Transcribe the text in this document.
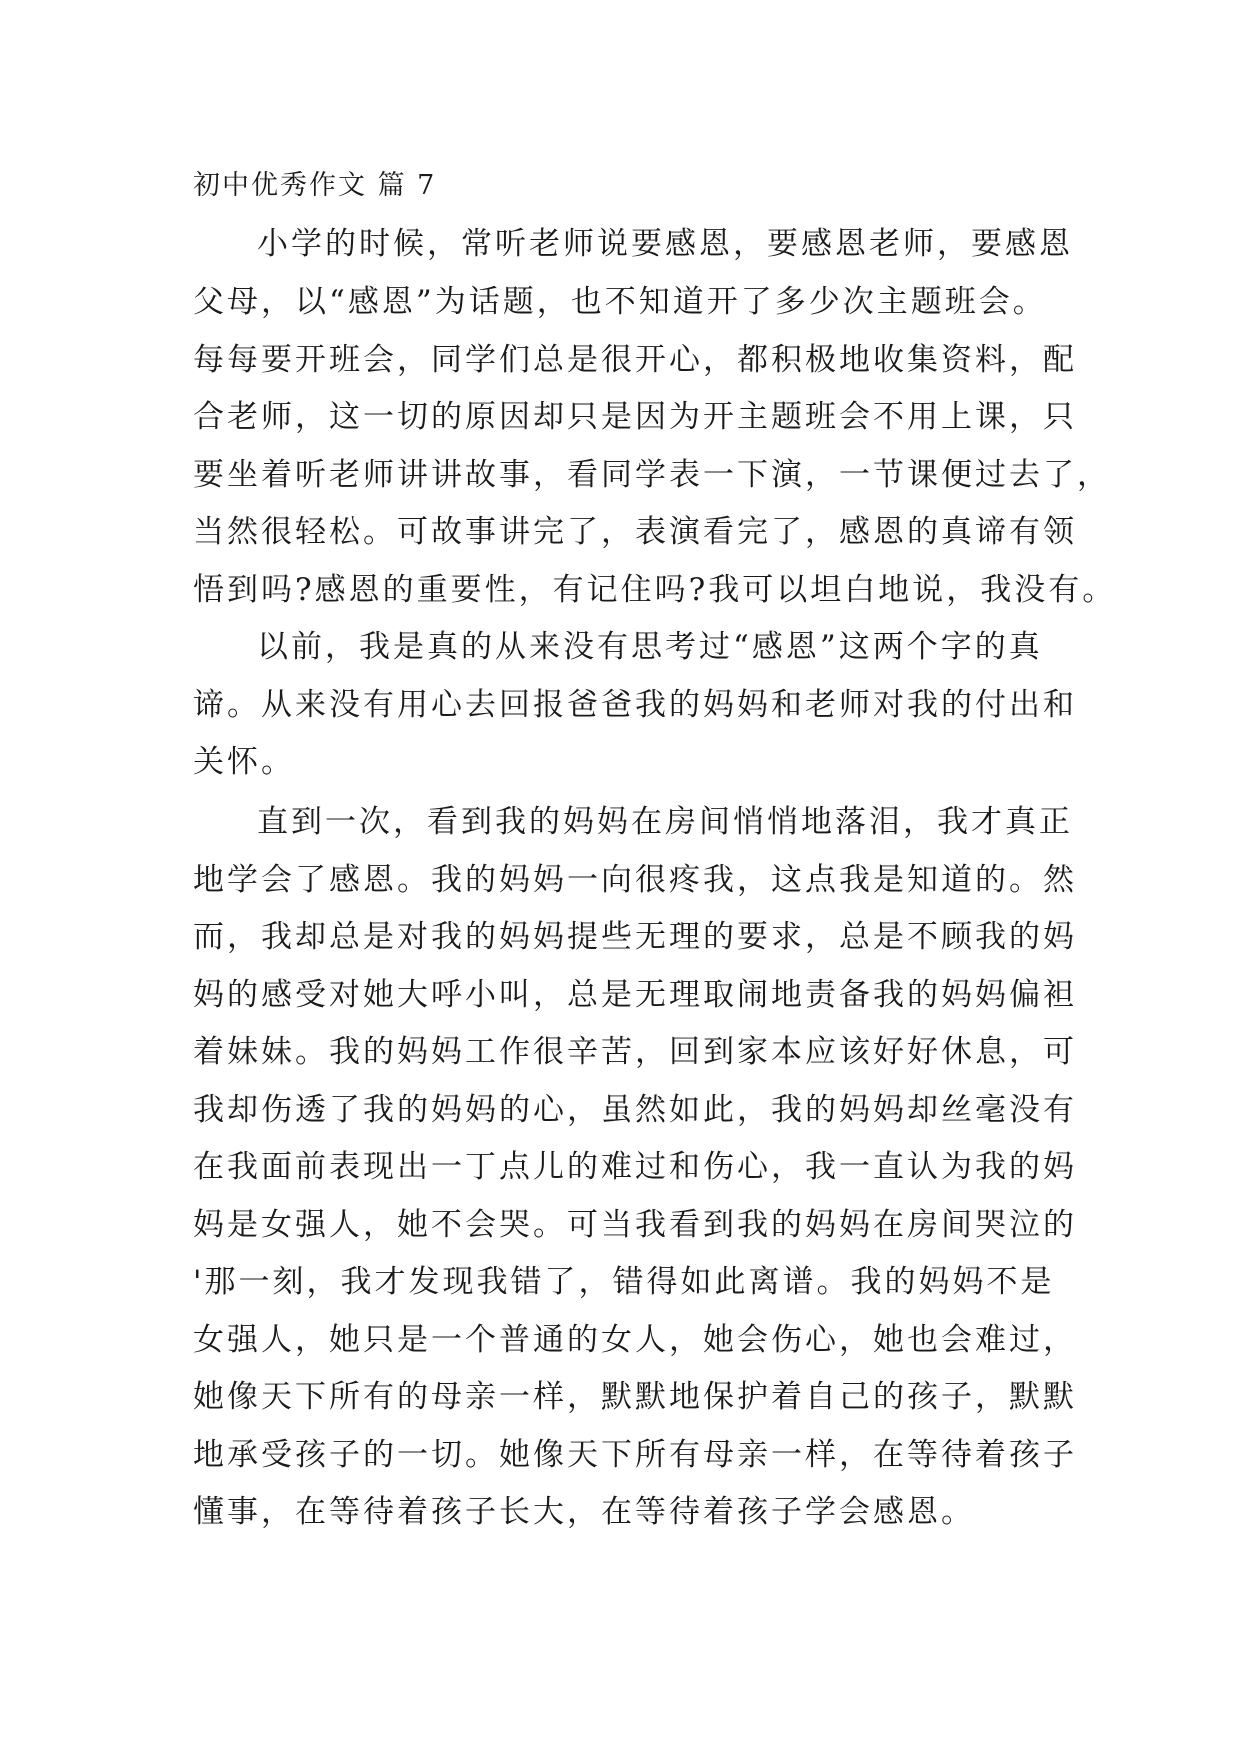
初中优秀作文 篇 7
小学的时候，常听老师说要感恩，要感恩老师，要感恩
父母，以“感恩”为话题，也不知道开了多少次主题班会。
每每要开班会，同学们总是很开心，都积极地收集资料，配
合老师，这一切的原因却只是因为开主题班会不用上课，只
要坐着听老师讲讲故事，看同学表一下演，一节课便过去了，
当然很轻松。可故事讲完了，表演看完了，感恩的真谛有领
悟到吗?感恩的重要性，有记住吗?我可以坦白地说，我没有。
以前，我是真的从来没有思考过“感恩”这两个字的真
谛。从来没有用心去回报爸爸我的妈妈和老师对我的付出和
关怀。
直到一次，看到我的妈妈在房间悄悄地落泪，我才真正
地学会了感恩。我的妈妈一向很疼我，这点我是知道的。然
而，我却总是对我的妈妈提些无理的要求，总是不顾我的妈
妈的感受对她大呼小叫，总是无理取闹地责备我的妈妈偏袒
着妹妹。我的妈妈工作很辛苦，回到家本应该好好休息，可
我却伤透了我的妈妈的心，虽然如此，我的妈妈却丝毫没有
在我面前表现出一丁点儿的难过和伤心，我一直认为我的妈
妈是女强人，她不会哭。可当我看到我的妈妈在房间哭泣的
'那一刻，我才发现我错了，错得如此离谱。我的妈妈不是
女强人，她只是一个普通的女人，她会伤心，她也会难过，
她像天下所有的母亲一样，默默地保护着自己的孩子，默默
地承受孩子的一切。她像天下所有母亲一样，在等待着孩子
懂事，在等待着孩子长大，在等待着孩子学会感恩。
